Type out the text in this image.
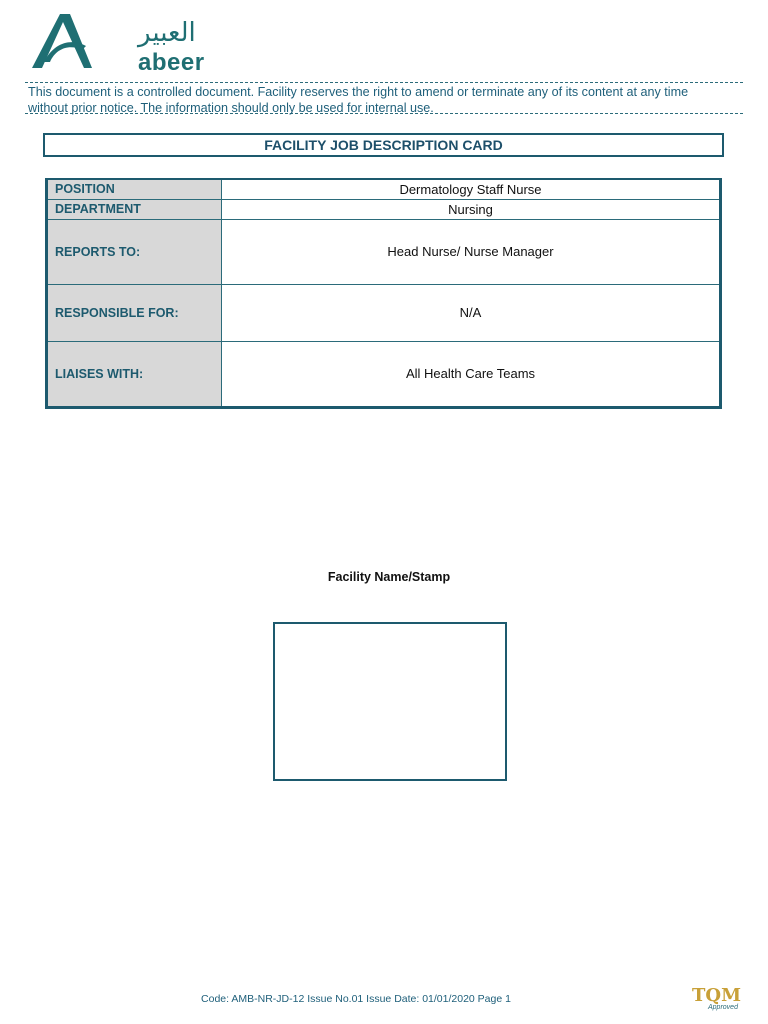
العبير
abeer
This document is a controlled document. Facility reserves the right to amend or terminate any of its content at any time
without prior notice. The information should only be used for internal use.
FACILITY JOB DESCRIPTION CARD
POSITION	Dermatology Staff Nurse
DEPARTMENT	Nursing
REPORTS TO:	Head Nurse/ Nurse Manager
RESPONSIBLE FOR:	N/A
LIAISES WITH:	All Health Care Teams
Facility Name/Stamp
Code: AMB-NR-JD-12 Issue No.01 Issue Date: 01/01/2020 Page 1	TQM
Approved
